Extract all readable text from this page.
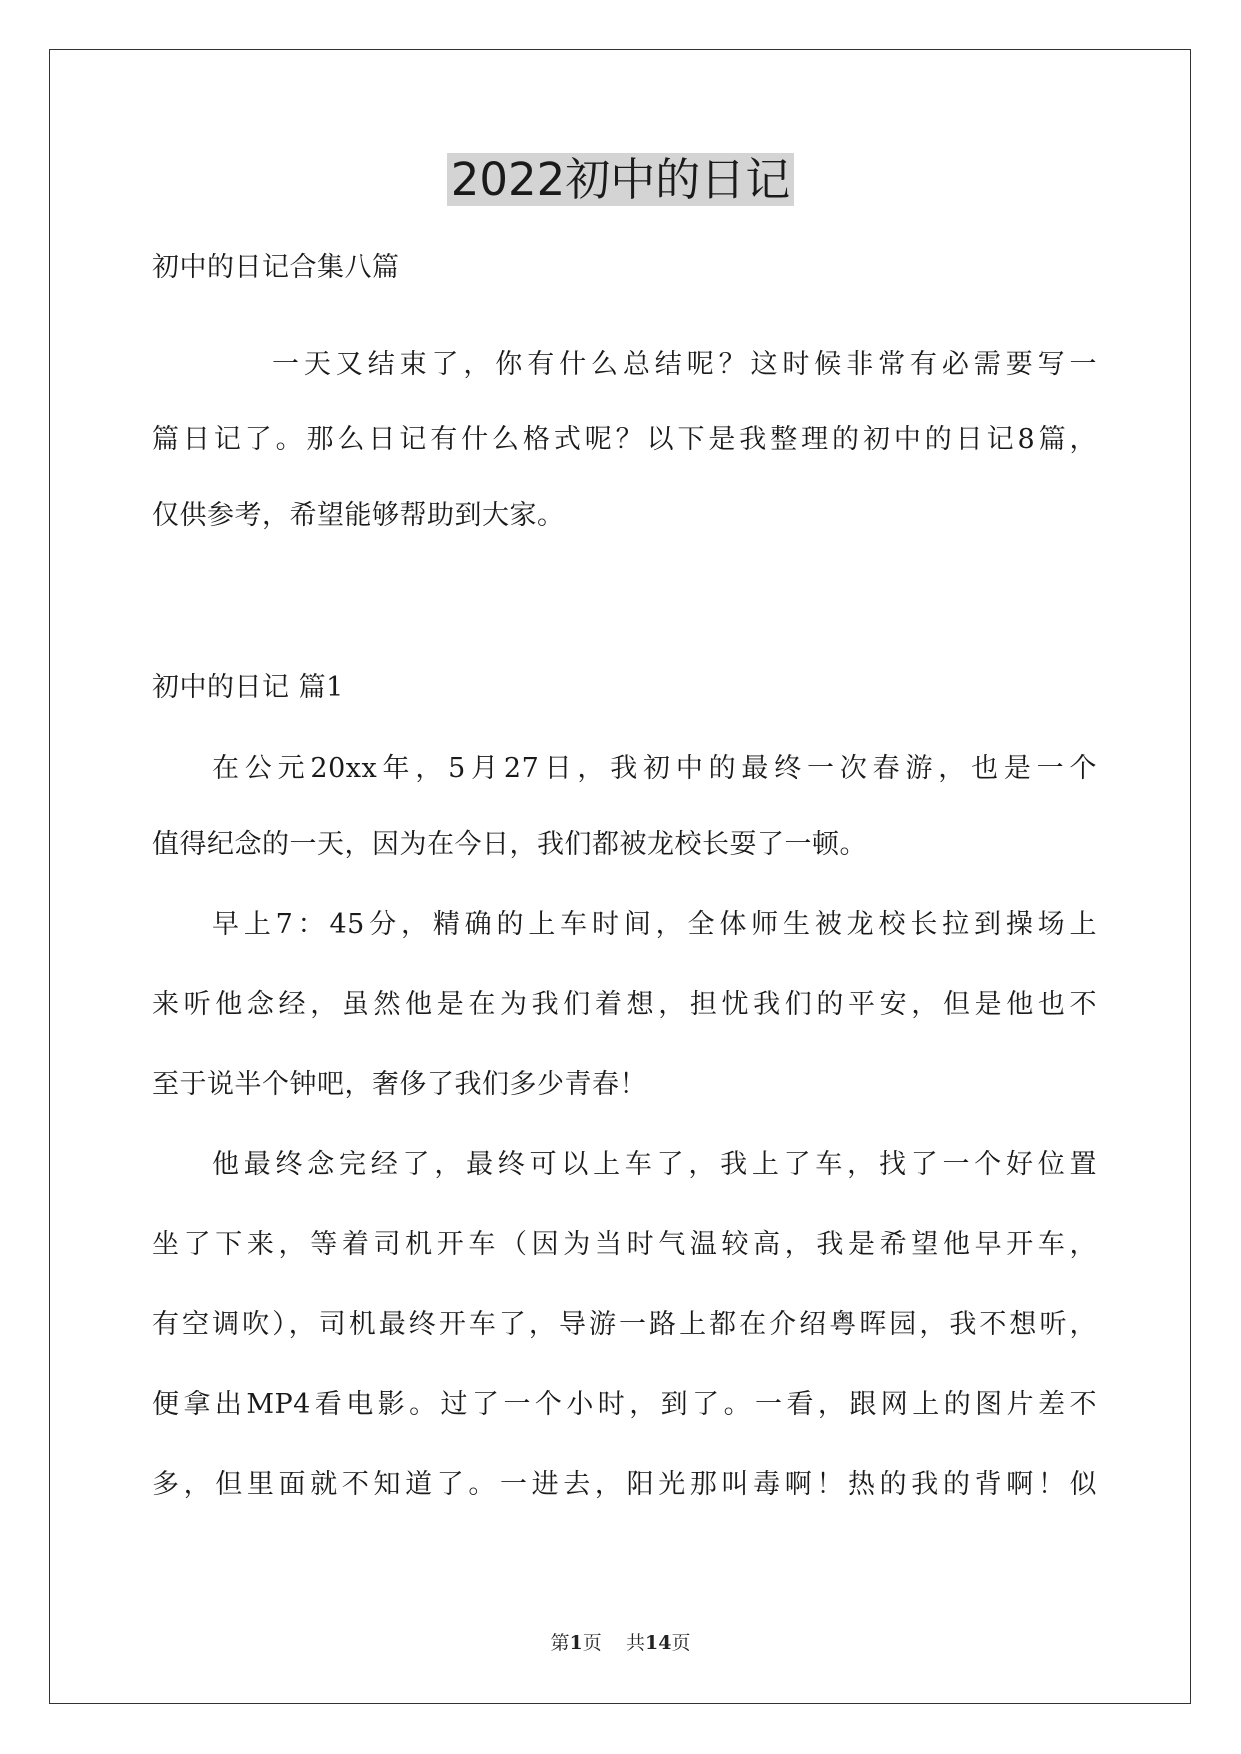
2022初中的日记
初中的日记合集八篇
一天又结束了，你有什么总结呢？这时候非常有必需要写一
篇日记了。那么日记有什么格式呢？以下是我整理的初中的日记8篇，
仅供参考，希望能够帮助到大家。
初中的日记 篇1
在公元20xx年，5月27日，我初中的最终一次春游，也是一个
值得纪念的一天，因为在今日，我们都被龙校长耍了一顿。
早上7：45分，精确的上车时间，全体师生被龙校长拉到操场上
来听他念经，虽然他是在为我们着想，担忧我们的平安，但是他也不
至于说半个钟吧，奢侈了我们多少青春！
他最终念完经了，最终可以上车了，我上了车，找了一个好位置
坐了下来，等着司机开车（因为当时气温较高，我是希望他早开车，
有空调吹），司机最终开车了，导游一路上都在介绍粤晖园，我不想听，
便拿出MP4看电影。过了一个小时，到了。一看，跟网上的图片差不
多，但里面就不知道了。一进去，阳光那叫毒啊！热的我的背啊！似
第1页 共14页
